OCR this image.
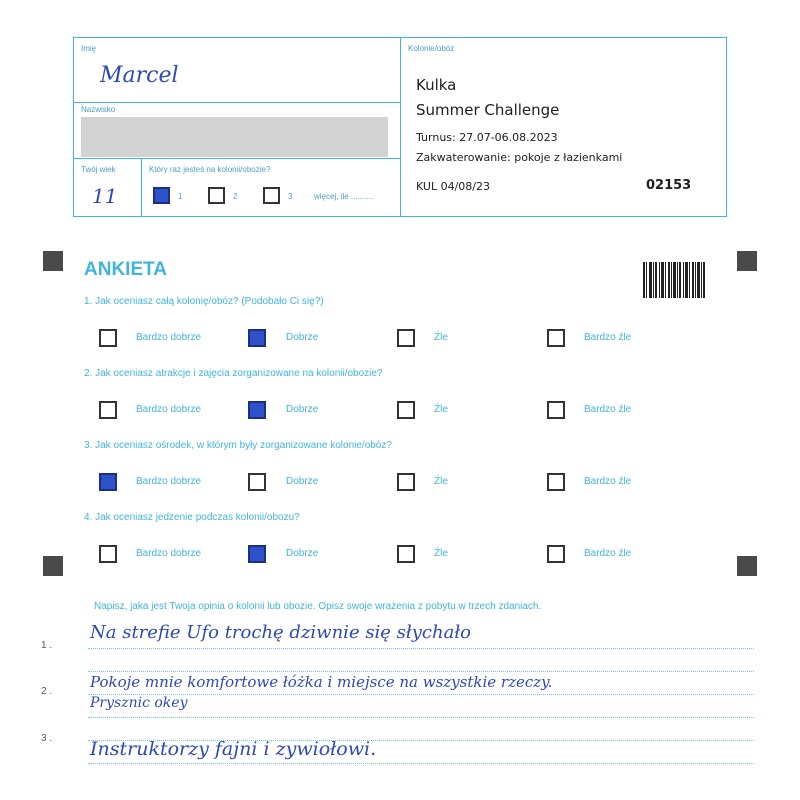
Imię
Marcel
Nazwisko
Twój wiek
11
Który raz jesteś na kolonii/obozie?
1	2	3	więcej, ile ..........
Kolonie/obóz
Kulka
Summer Challenge
Turnus: 27.07-06.08.2023
Zakwaterowanie: pokoje z łazienkami
KUL 04/08/23	02153
ANKIETA
1. Jak oceniasz całą kolonię/obóz? (Podobało Ci się?)
Bardzo dobrze	Dobrze	Źle	Bardzo źle
2. Jak oceniasz atrakcje i zajęcia zorganizowane na kolonii/obozie?
Bardzo dobrze	Dobrze	Źle	Bardzo źle
3. Jak oceniasz ośrodek, w którym były zorganizowane kolonie/obóz?
Bardzo dobrze	Dobrze	Źle	Bardzo źle
4. Jak oceniasz jedzenie podczas kolonii/obozu?
Bardzo dobrze	Dobrze	Źle	Bardzo źle
Napisz, jaka jest Twoja opinia o kolonii lub obozie. Opisz swoje wrażenia z pobytu w trzech zdaniach.
1 .
2 .
3 .
Na strefie Ufo trochę dziwnie się słychało
Pokoje mnie komfortowe łóżka i miejsce na wszystkie rzeczy.
Prysznic okey
Instruktorzy fajni i zywiołowi.
